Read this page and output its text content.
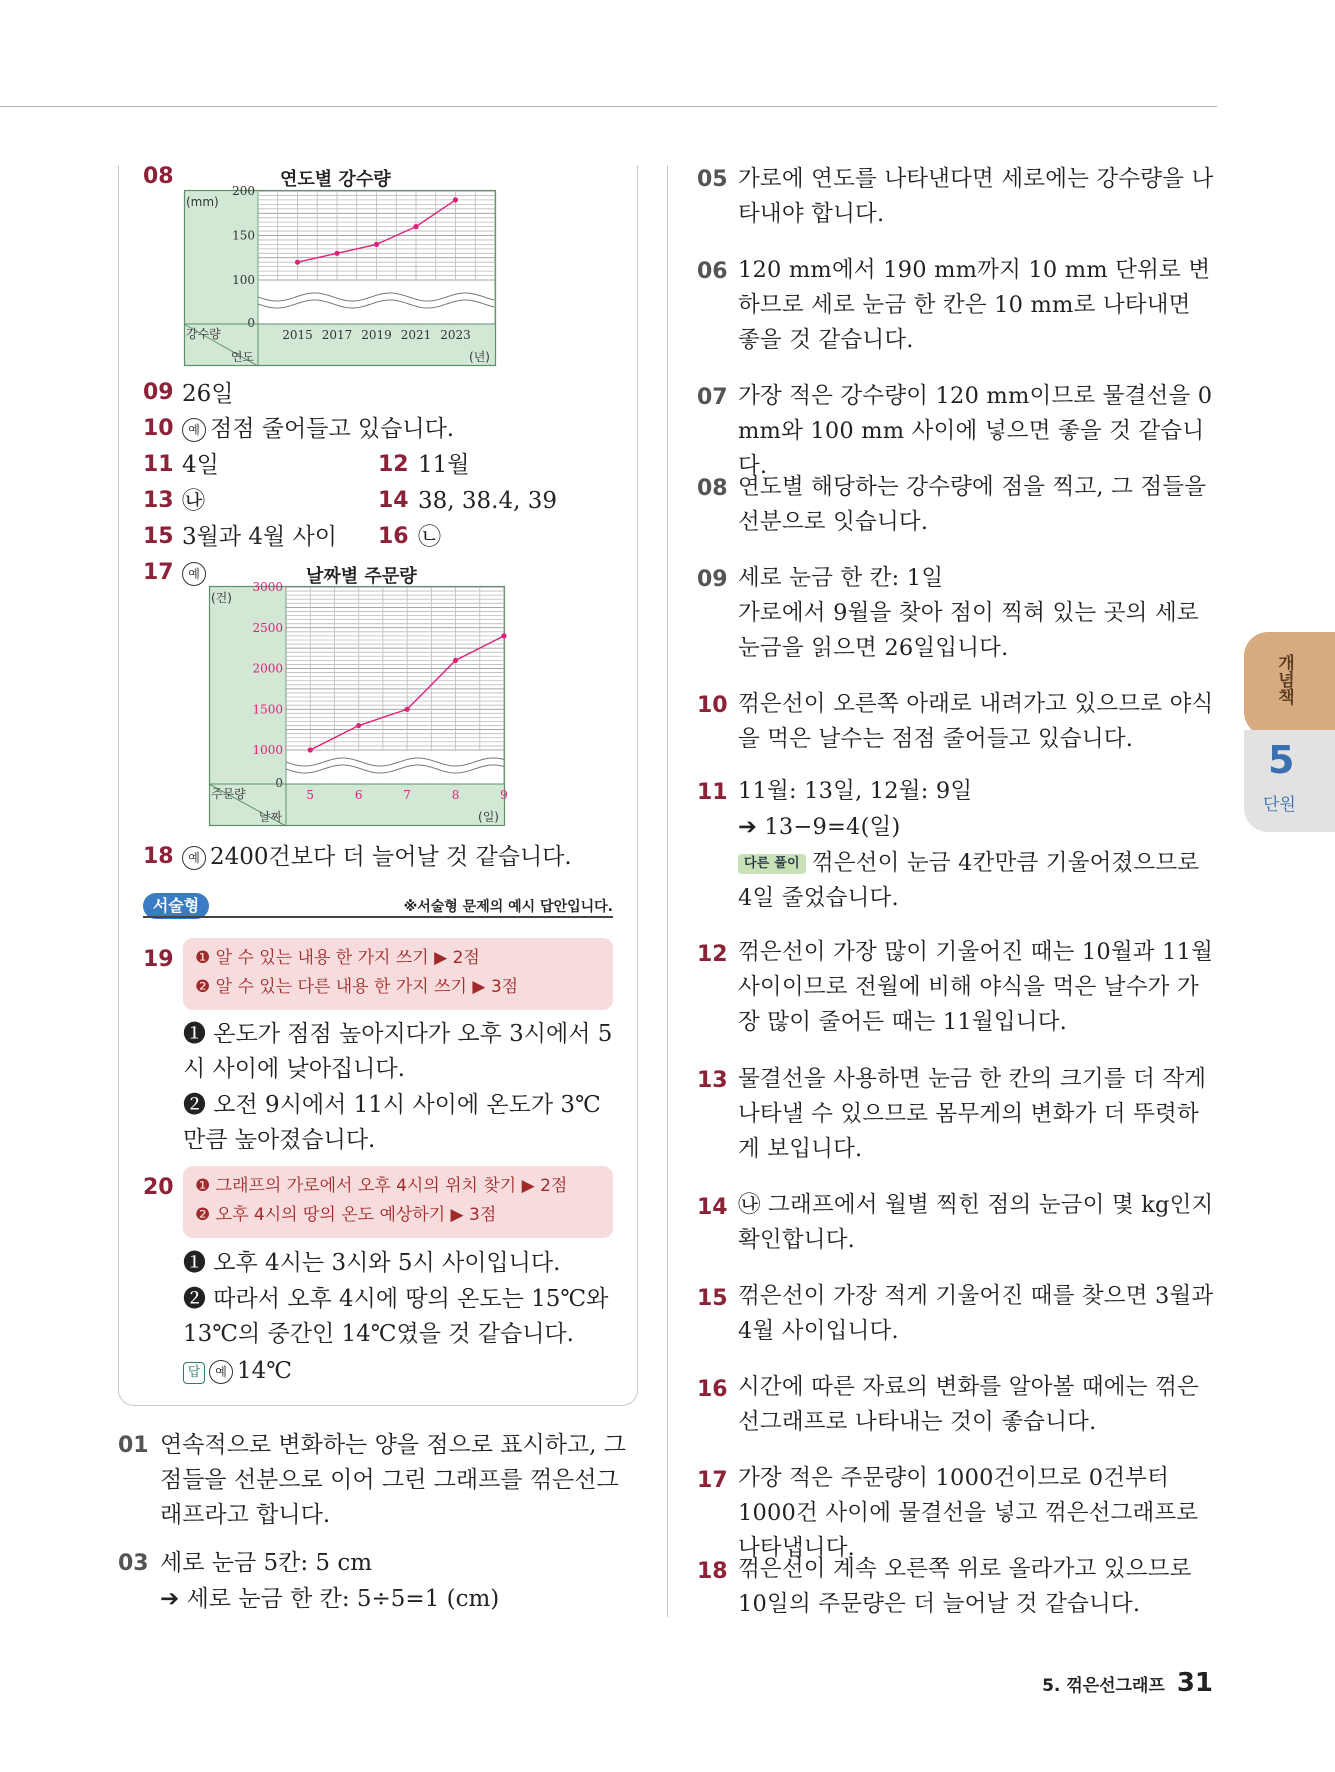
08	연도별 강수량
200
150
100
0
(mm)
강수량
연도	(년)
2015 2017 2019 2021 2023
09 26일
10	예 점점 줄어들고 있습니다.
11 4일	12 11월
13 ㉯	14 38, 38.4, 39
15 3월과 4월 사이 16 ㉡
17	예	날짜별 주문량
3000
2500
2000
1500
1000
0
(건)
주문량
날짜	(일)
5	6	7	8	9
18	예 2400건보다 더 늘어날 것 같습니다.
서술형	※서술형 문제의 예시 답안입니다.
19 ❶ 알 수 있는 내용 한 가지 쓰기 ▶ 2점
❷ 알 수 있는 다른 내용 한 가지 쓰기 ▶ 3점
❶ 온도가 점점 높아지다가 오후 3시에서 5시 사이에 낮아집니다.
❷ 오전 9시에서 11시 사이에 온도가 3℃만큼 높아졌습니다.
20 ❶ 그래프의 가로에서 오후 4시의 위치 찾기 ▶ 2점
❷ 오후 4시의 땅의 온도 예상하기 ▶ 3점
❶ 오후 4시는 3시와 5시 사이입니다.
❷ 따라서 오후 4시에 땅의 온도는 15℃와 13℃의 중간인 14℃였을 것 같습니다.
답 예 14℃
01 연속적으로 변화하는 양을 점으로 표시하고, 그 점들을 선분으로 이어 그린 그래프를 꺾은선그래프라고 합니다.
03 세로 눈금 5칸: 5 cm
➔ 세로 눈금 한 칸: 5÷5=1 (cm)
05 가로에 연도를 나타낸다면 세로에는 강수량을 나타내야 합니다.
06 120 mm에서 190 mm까지 10 mm 단위로 변하므로 세로 눈금 한 칸은 10 mm로 나타내면 좋을 것 같습니다.
07 가장 적은 강수량이 120 mm이므로 물결선을 0 mm와 100 mm 사이에 넣으면 좋을 것 같습니다.
08 연도별 해당하는 강수량에 점을 찍고, 그 점들을 선분으로 잇습니다.
09 세로 눈금 한 칸: 1일
가로에서 9월을 찾아 점이 찍혀 있는 곳의 세로 눈금을 읽으면 26일입니다.
10 꺾은선이 오른쪽 아래로 내려가고 있으므로 야식을 먹은 날수는 점점 줄어들고 있습니다.
11 11월: 13일, 12월: 9일
➔ 13−9=4(일)
다른 풀이 꺾은선이 눈금 4칸만큼 기울어졌으므로 4일 줄었습니다.
12 꺾은선이 가장 많이 기울어진 때는 10월과 11월 사이이므로 전월에 비해 야식을 먹은 날수가 가장 많이 줄어든 때는 11월입니다.
13 물결선을 사용하면 눈금 한 칸의 크기를 더 작게 나타낼 수 있으므로 몸무게의 변화가 더 뚜렷하게 보입니다.
14 ㉯ 그래프에서 월별 찍힌 점의 눈금이 몇 kg인지 확인합니다.
15 꺾은선이 가장 적게 기울어진 때를 찾으면 3월과 4월 사이입니다.
16 시간에 따른 자료의 변화를 알아볼 때에는 꺾은선그래프로 나타내는 것이 좋습니다.
17 가장 적은 주문량이 1000건이므로 0건부터 1000건 사이에 물결선을 넣고 꺾은선그래프로 나타냅니다.
18 꺾은선이 계속 오른쪽 위로 올라가고 있으므로 10일의 주문량은 더 늘어날 것 같습니다.
개념책
5
단원
5. 꺾은선그래프 31
